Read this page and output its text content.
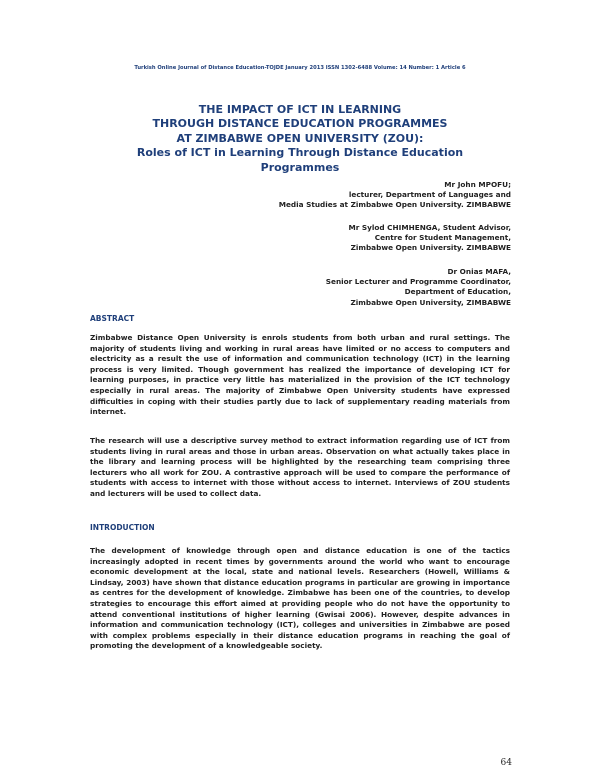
Turkish Online Journal of Distance Education-TOJDE January 2013 ISSN 1302-6488 Volume: 14 Number: 1 Article 6
THE IMPACT OF ICT IN LEARNING
THROUGH DISTANCE EDUCATION PROGRAMMES
AT ZIMBABWE OPEN UNIVERSITY (ZOU):
Roles of ICT in Learning Through Distance Education
Programmes
Mr John MPOFU;
lecturer, Department of Languages and
Media Studies at Zimbabwe Open University. ZIMBABWE
Mr Sylod CHIMHENGA, Student Advisor,
Centre for Student Management,
Zimbabwe Open University. ZIMBABWE
Dr Onias MAFA,
Senior Lecturer and Programme Coordinator,
Department of Education,
Zimbabwe Open University, ZIMBABWE
ABSTRACT

Zimbabwe Distance Open University is enrols students from both urban and rural settings. The majority of students living and working in rural areas have limited or no access to computers and electricity as a result the use of information and communication technology (ICT) in the learning process is very limited. Though government has realized the importance of developing ICT for learning purposes, in practice very little has materialized in the provision of the ICT technology especially in rural areas. The majority of Zimbabwe Open University students have expressed difficulties in coping with their studies partly due to lack of supplementary reading materials from internet.

The research will use a descriptive survey method to extract information regarding use of ICT from students living in rural areas and those in urban areas. Observation on what actually takes place in the library and learning process will be highlighted by the researching team comprising three lecturers who all work for ZOU. A contrastive approach will be used to compare the performance of students with access to internet with those without access to internet. Interviews of ZOU students and lecturers will be used to collect data.

INTRODUCTION

The development of knowledge through open and distance education is one of the tactics increasingly adopted in recent times by governments around the world who want to encourage economic development at the local, state and national levels. Researchers (Howell, Williams & Lindsay, 2003) have shown that distance education programs in particular are growing in importance as centres for the development of knowledge. Zimbabwe has been one of the countries, to develop strategies to encourage this effort aimed at providing people who do not have the opportunity to attend conventional institutions of higher learning (Gwisai 2006). However, despite advances in information and communication technology (ICT), colleges and universities in Zimbabwe are posed with complex problems especially in their distance education programs in reaching the goal of promoting the development of a knowledgeable society.

64
